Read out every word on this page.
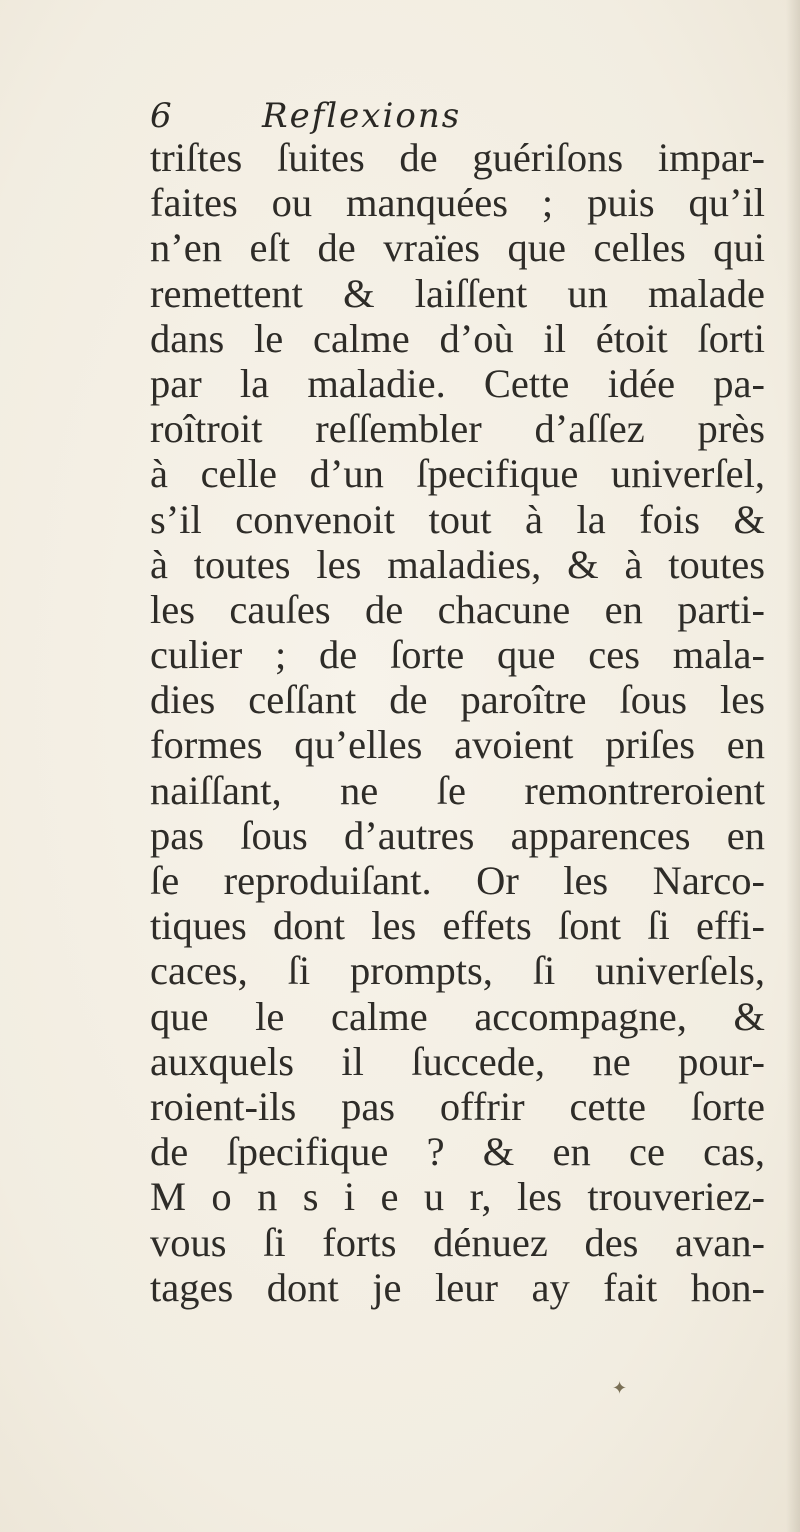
6	Reflexions
triſtes ſuites de guériſons impar-
faites ou manquées ; puis qu’il
n’en eſt de vraïes que celles qui
remettent & laiſſent un malade
dans le calme d’où il étoit ſorti
par la maladie. Cette idée pa-
roîtroit reſſembler d’aſſez près
à celle d’un ſpecifique univerſel,
s’il convenoit tout à la fois &
à toutes les maladies, & à toutes
les cauſes de chacune en parti-
culier ; de ſorte que ces mala-
dies ceſſant de paroître ſous les
formes qu’elles avoient priſes en
naiſſant, ne ſe remontreroient
pas ſous d’autres apparences en
ſe reproduiſant. Or les Narco-
tiques dont les effets ſont ſi effi-
caces, ſi prompts, ſi univerſels,
que le calme accompagne, &
auxquels il ſuccede, ne pour-
roient-ils pas offrir cette ſorte
de ſpecifique ? & en ce cas,
M o n s i e u r, les trouveriez-
vous ſi forts dénuez des avan-
tages dont je leur ay fait hon-
✦
